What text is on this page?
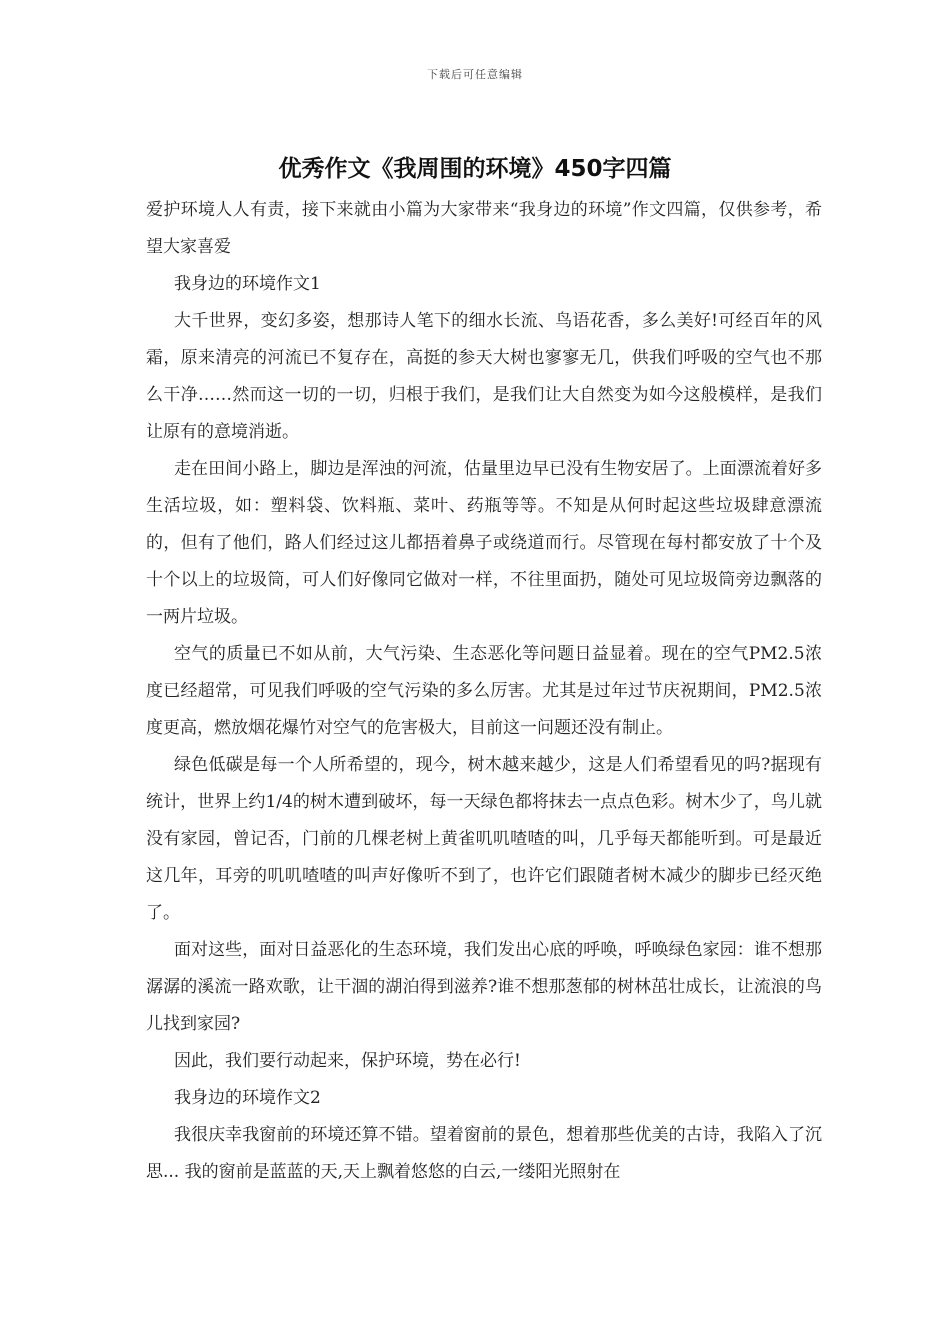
下载后可任意编辑
优秀作文《我周围的环境》450字四篇

爱护环境人人有责，接下来就由小篇为大家带来“我身边的环境”作文四篇，仅供参考，希望大家喜爱

我身边的环境作文1

大千世界，变幻多姿，想那诗人笔下的细水长流、鸟语花香，多么美好!可经百年的风霜，原来清亮的河流已不复存在，高挺的参天大树也寥寥无几，供我们呼吸的空气也不那么干净……然而这一切的一切，归根于我们，是我们让大自然变为如今这般模样，是我们让原有的意境消逝。

走在田间小路上，脚边是浑浊的河流，估量里边早已没有生物安居了。上面漂流着好多生活垃圾，如：塑料袋、饮料瓶、菜叶、药瓶等等。不知是从何时起这些垃圾肆意漂流的，但有了他们，路人们经过这儿都捂着鼻子或绕道而行。尽管现在每村都安放了十个及十个以上的垃圾筒，可人们好像同它做对一样，不往里面扔，随处可见垃圾筒旁边飘落的一两片垃圾。

空气的质量已不如从前，大气污染、生态恶化等问题日益显着。现在的空气PM2.5浓度已经超常，可见我们呼吸的空气污染的多么厉害。尤其是过年过节庆祝期间，PM2.5浓度更高，燃放烟花爆竹对空气的危害极大，目前这一问题还没有制止。

绿色低碳是每一个人所希望的，现今，树木越来越少，这是人们希望看见的吗?据现有统计，世界上约1/4的树木遭到破坏，每一天绿色都将抹去一点点色彩。树木少了，鸟儿就没有家园，曾记否，门前的几棵老树上黄雀叽叽喳喳的叫，几乎每天都能听到。可是最近这几年，耳旁的叽叽喳喳的叫声好像听不到了，也许它们跟随者树木减少的脚步已经灭绝了。

面对这些，面对日益恶化的生态环境，我们发出心底的呼唤，呼唤绿色家园：谁不想那潺潺的溪流一路欢歌，让干涸的湖泊得到滋养?谁不想那葱郁的树林茁壮成长，让流浪的鸟儿找到家园?

因此，我们要行动起来，保护环境，势在必行!

我身边的环境作文2

我很庆幸我窗前的环境还算不错。望着窗前的景色，想着那些优美的古诗，我陷入了沉思... 我的窗前是蓝蓝的天,天上飘着悠悠的白云,一缕阳光照射在
